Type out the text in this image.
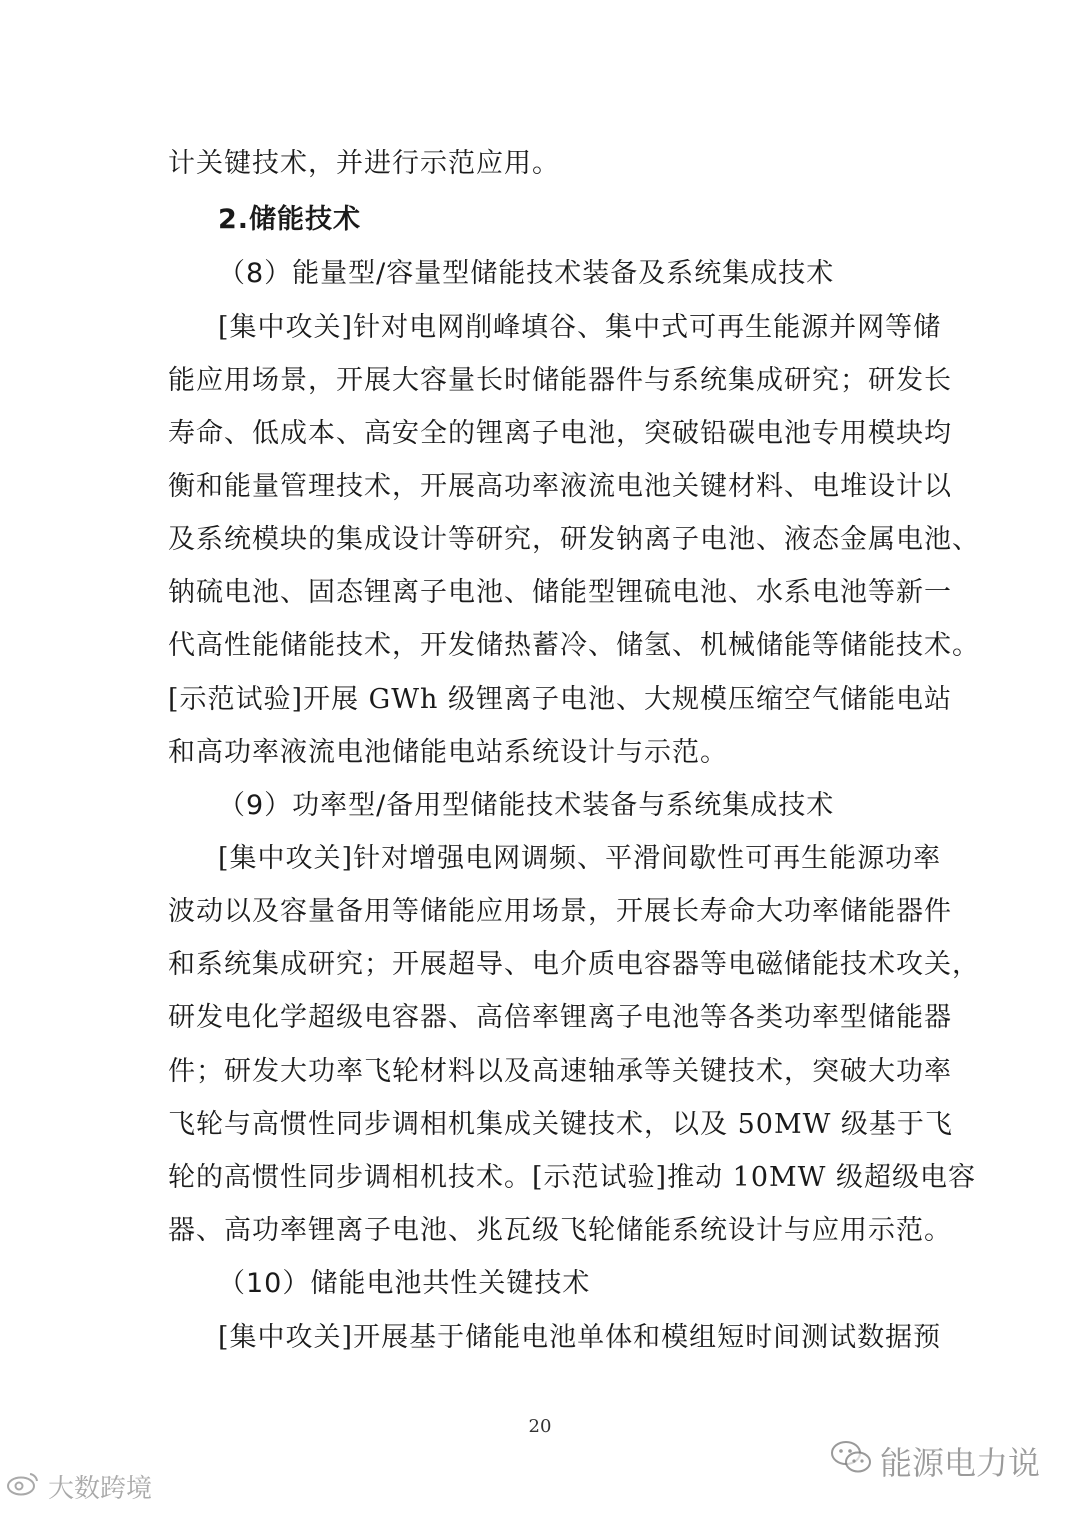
计关键技术，并进行示范应用。
2.储能技术
（8）能量型/容量型储能技术装备及系统集成技术
[集中攻关]针对电网削峰填谷、集中式可再生能源并网等储
能应用场景，开展大容量长时储能器件与系统集成研究；研发长
寿命、低成本、高安全的锂离子电池，突破铅碳电池专用模块均
衡和能量管理技术，开展高功率液流电池关键材料、电堆设计以
及系统模块的集成设计等研究，研发钠离子电池、液态金属电池、
钠硫电池、固态锂离子电池、储能型锂硫电池、水系电池等新一
代高性能储能技术，开发储热蓄冷、储氢、机械储能等储能技术。
[示范试验]开展 GWh 级锂离子电池、大规模压缩空气储能电站
和高功率液流电池储能电站系统设计与示范。
（9）功率型/备用型储能技术装备与系统集成技术
[集中攻关]针对增强电网调频、平滑间歇性可再生能源功率
波动以及容量备用等储能应用场景，开展长寿命大功率储能器件
和系统集成研究；开展超导、电介质电容器等电磁储能技术攻关，
研发电化学超级电容器、高倍率锂离子电池等各类功率型储能器
件；研发大功率飞轮材料以及高速轴承等关键技术，突破大功率
飞轮与高惯性同步调相机集成关键技术，以及 50MW 级基于飞
轮的高惯性同步调相机技术。[示范试验]推动 10MW 级超级电容
器、高功率锂离子电池、兆瓦级飞轮储能系统设计与应用示范。
（10）储能电池共性关键技术
[集中攻关]开展基于储能电池单体和模组短时间测试数据预
20
大数跨境
能源电力说
